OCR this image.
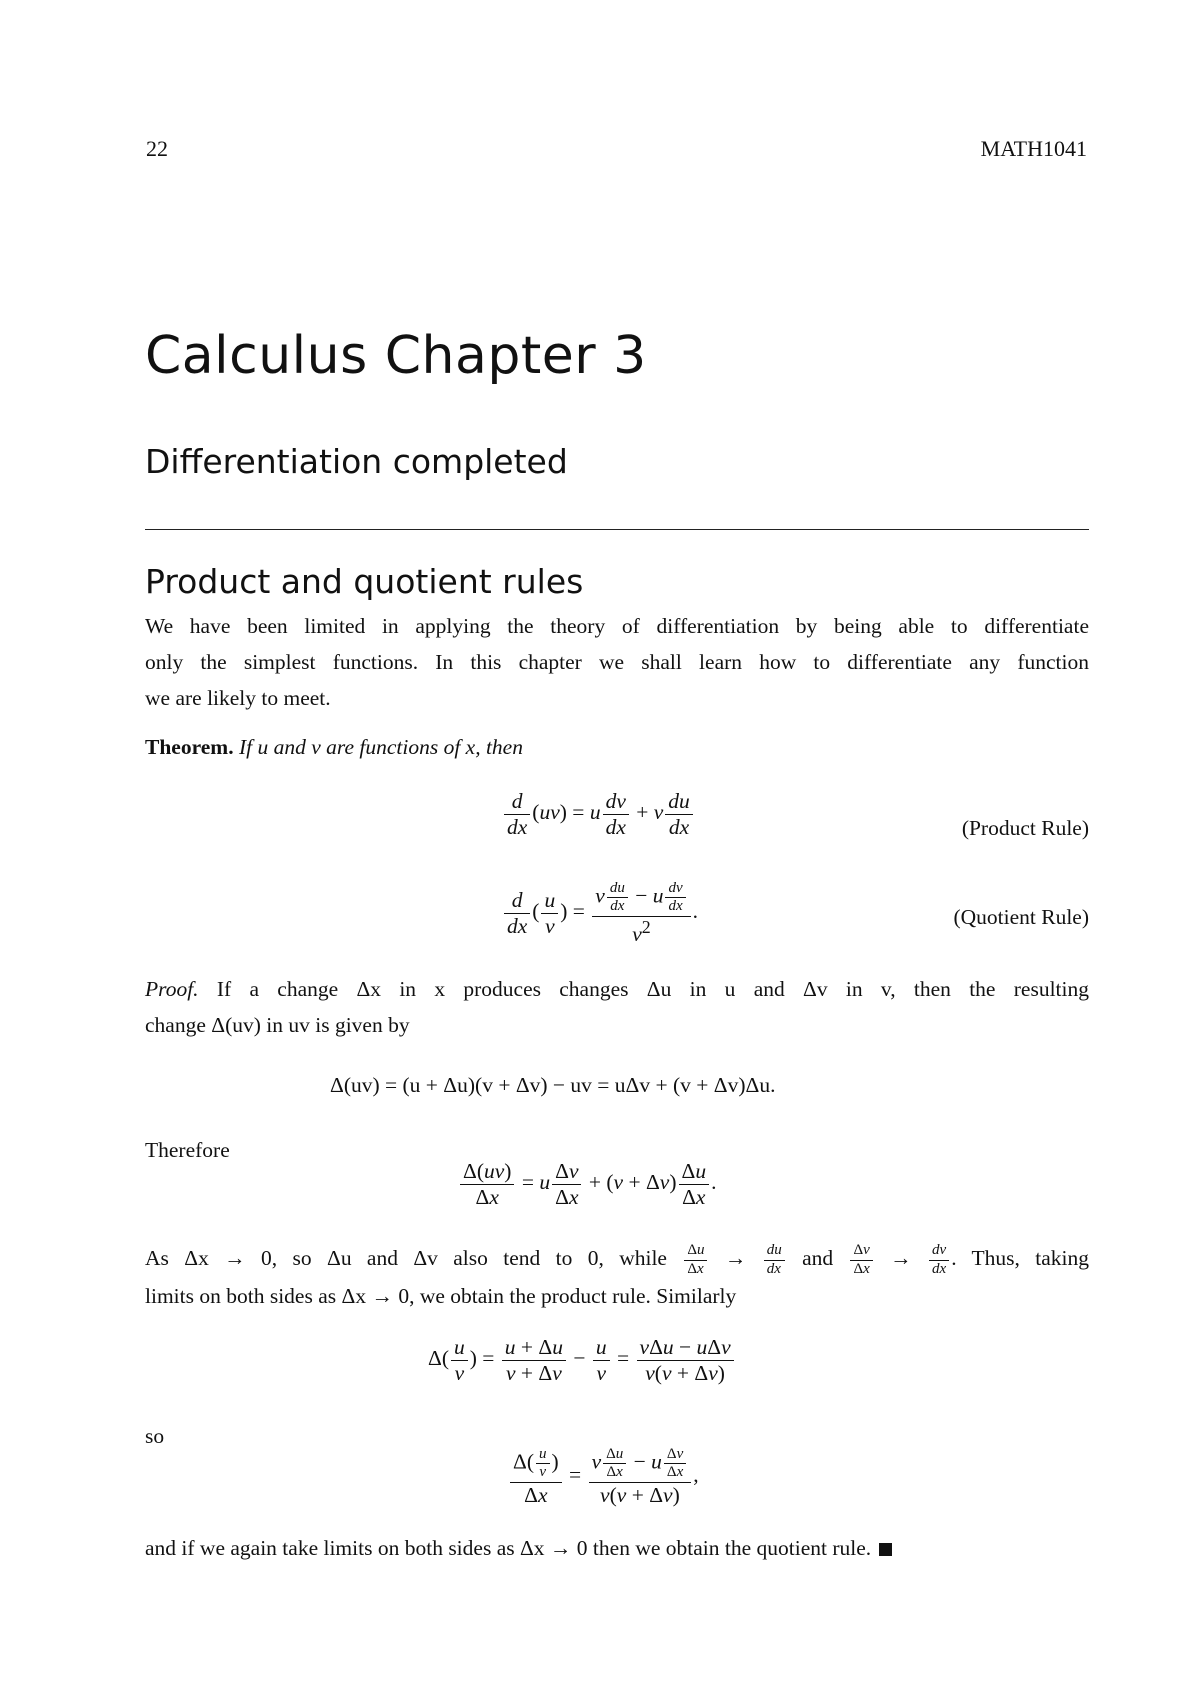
22	MATH1041
Calculus Chapter 3
Differentiation completed
Product and quotient rules
We have been limited in applying the theory of differentiation by being able to differentiate
only the simplest functions. In this chapter we shall learn how to differentiate any function
we are likely to meet.
Theorem. If u and v are functions of x, then
$\frac{d}{dx} (uv) = u \frac{dv}{dx} + v \frac{du}{dx}$	(Product Rule)
$\frac{d}{dx}$ ( $\frac{u}{v}$ ) = $\frac{v \frac{du}{dx} - u \frac{dv}{dx}}{v^2}$ .	(Quotient Rule)
Proof. If a change Δx in x produces changes Δu in u and Δv in v, then the resulting
change Δ(uv) in uv is given by
Δ(uv) = (u + Δu)(v + Δv) − uv = uΔv + (v + Δv)Δu.
Therefore
$\frac{\Delta(uv)}{\Delta x} = u \frac{\Delta v}{\Delta x} + (v + \Delta v) \frac{\Delta u}{\Delta x}$ .
As Δx → 0, so Δu and Δv also tend to 0, while $\frac{\Delta u}{\Delta x} \to \frac{du}{dx}$ and $\frac{\Delta v}{\Delta x} \to \frac{dv}{dx}$ . Thus, taking
limits on both sides as Δx → 0, we obtain the product rule. Similarly
$\Delta( \frac{u}{v}$ ) = $\frac{u + \Delta u}{v + \Delta v} - \frac{u}{v} = \frac{\text{vΔu − uΔv}}{v(v + \Delta v)}$
so
$\frac{\Delta( \frac{u}{v} )}{\Delta x} = \frac{v \frac{\Delta u}{\Delta x} - u \frac{\Delta v}{\Delta x}}{v(v + \Delta v)}$ ,
and if we again take limits on both sides as Δx → 0 then we obtain the quotient rule.
